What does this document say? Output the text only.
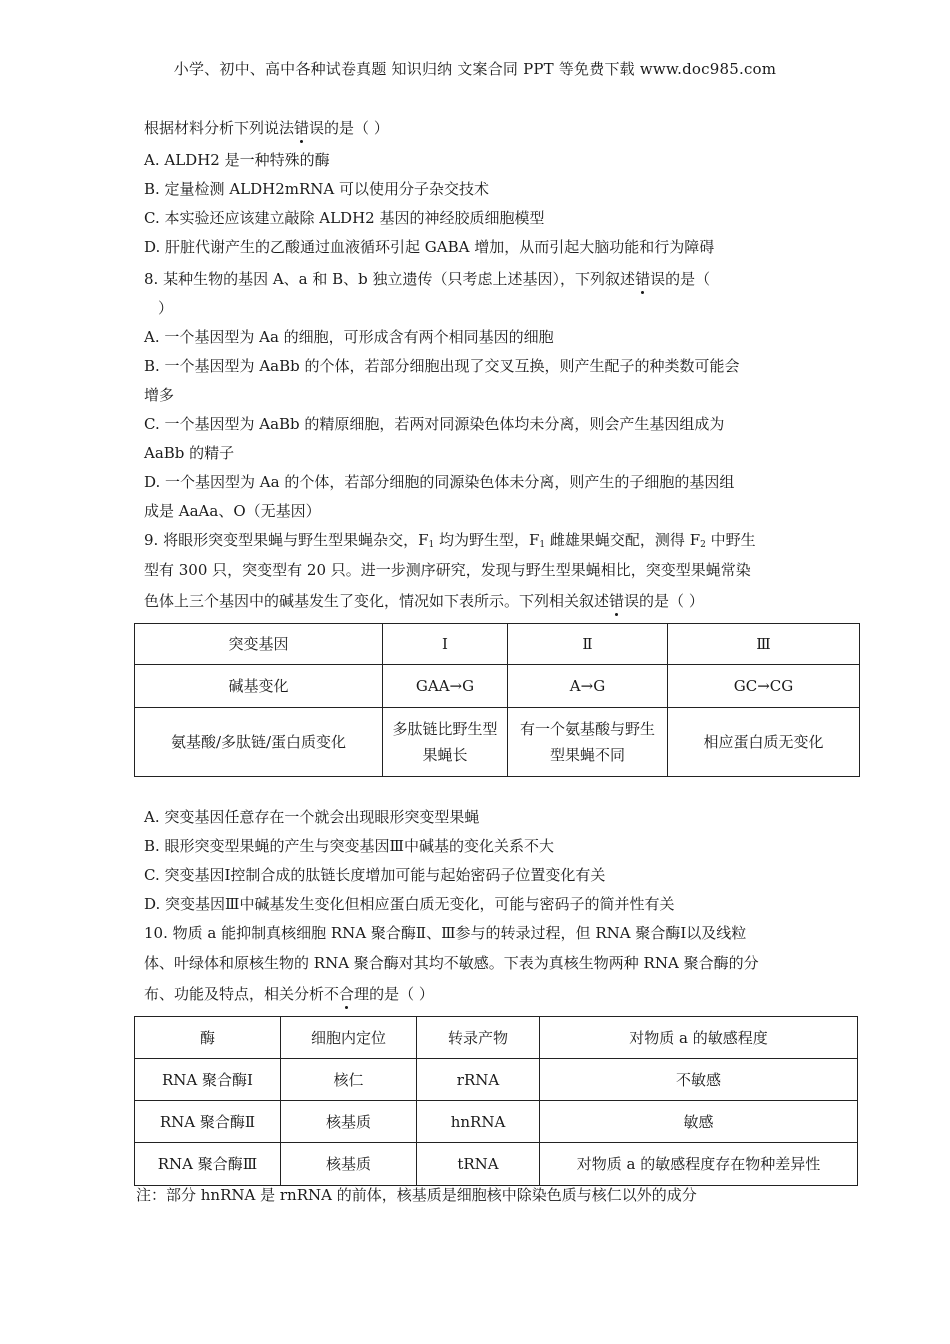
小学、初中、高中各种试卷真题 知识归纳 文案合同 PPT 等免费下载 www.doc985.com
根据材料分析下列说法错误的是（ ）
A. ALDH2 是一种特殊的酶
B. 定量检测 ALDH2mRNA 可以使用分子杂交技术
C. 本实验还应该建立敲除 ALDH2 基因的神经胶质细胞模型
D. 肝脏代谢产生的乙酸通过血液循环引起 GABA 增加，从而引起大脑功能和行为障碍
8. 某种生物的基因 A、a 和 B、b 独立遗传（只考虑上述基因），下列叙述错误的是（
）
A. 一个基因型为 Aa 的细胞，可形成含有两个相同基因的细胞
B. 一个基因型为 AaBb 的个体，若部分细胞出现了交叉互换，则产生配子的种类数可能会
增多
C. 一个基因型为 AaBb 的精原细胞，若两对同源染色体均未分离，则会产生基因组成为
AaBb 的精子
D. 一个基因型为 Aa 的个体，若部分细胞的同源染色体未分离，则产生的子细胞的基因组
成是 AaAa、O（无基因）
9. 将眼形突变型果蝇与野生型果蝇杂交，$F_1$ 均为野生型，$F_1$ 雌雄果蝇交配，测得 $F_2$ 中野生
型有 300 只，突变型有 20 只。进一步测序研究，发现与野生型果蝇相比，突变型果蝇常染
色体上三个基因中的碱基发生了变化，情况如下表所示。下列相关叙述错误的是（ ）
突变基因	Ⅰ	Ⅱ	Ⅲ
碱基变化	GAA→G	A→G	GC→CG
氨基酸/多肽链/蛋白质变化	多肽链比野生型果蝇长	有一个氨基酸与野生型果蝇不同	相应蛋白质无变化
A. 突变基因任意存在一个就会出现眼形突变型果蝇
B. 眼形突变型果蝇的产生与突变基因Ⅲ中碱基的变化关系不大
C. 突变基因Ⅰ控制合成的肽链长度增加可能与起始密码子位置变化有关
D. 突变基因Ⅲ中碱基发生变化但相应蛋白质无变化，可能与密码子的简并性有关
10. 物质 a 能抑制真核细胞 RNA 聚合酶Ⅱ、Ⅲ参与的转录过程，但 RNA 聚合酶Ⅰ以及线粒
体、叶绿体和原核生物的 RNA 聚合酶对其均不敏感。下表为真核生物两种 RNA 聚合酶的分
布、功能及特点，相关分析不合理的是（ ）
酶	细胞内定位	转录产物	对物质 a 的敏感程度
RNA 聚合酶Ⅰ	核仁	rRNA	不敏感
RNA 聚合酶Ⅱ	核基质	hnRNA	敏感
RNA 聚合酶Ⅲ	核基质	tRNA	对物质 a 的敏感程度存在物种差异性
注：部分 hnRNA 是 rnRNA 的前体，核基质是细胞核中除染色质与核仁以外的成分
